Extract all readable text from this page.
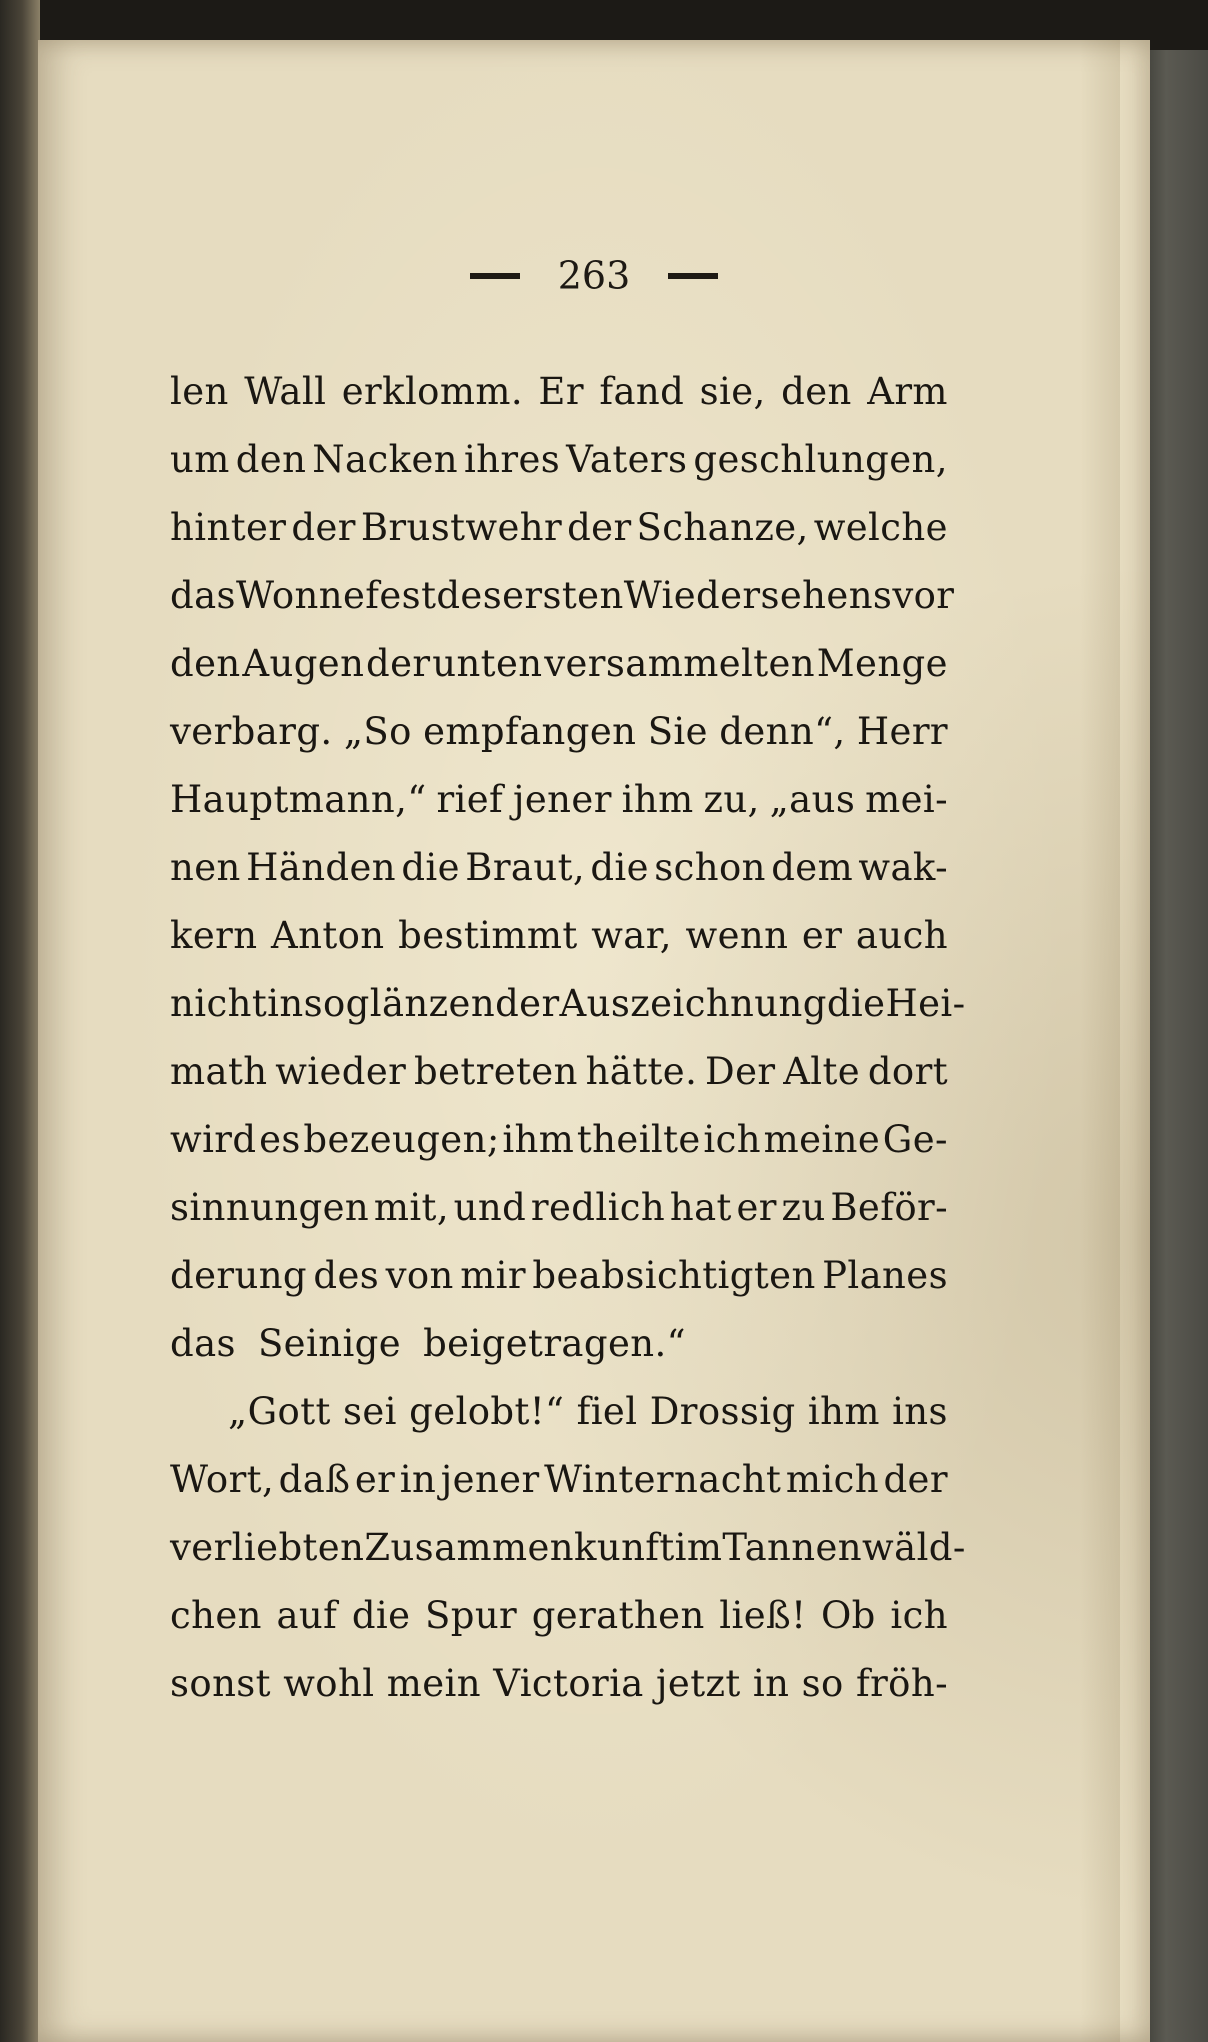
263
len Wall erklomm. Er fand sie, den Arm
um den Nacken ihres Vaters geschlungen,
hinter der Brustwehr der Schanze, welche
das Wonnefest des ersten Wiedersehens vor
den Augen der unten versammelten Menge
verbarg. „So empfangen Sie denn“, Herr
Hauptmann,“ rief jener ihm zu, „aus mei-
nen Händen die Braut, die schon dem wak-
kern Anton bestimmt war, wenn er auch
nicht in so glänzender Auszeichnung die Hei-
math wieder betreten hätte. Der Alte dort
wird es bezeugen; ihm theilte ich meine Ge-
sinnungen mit, und redlich hat er zu Beför-
derung des von mir beabsichtigten Planes
das Seinige beigetragen.“
„Gott sei gelobt!“ fiel Drossig ihm ins
Wort, daß er in jener Winternacht mich der
verliebten Zusammenkunft im Tannenwäld-
chen auf die Spur gerathen ließ! Ob ich
sonst wohl mein Victoria jetzt in so fröh-
